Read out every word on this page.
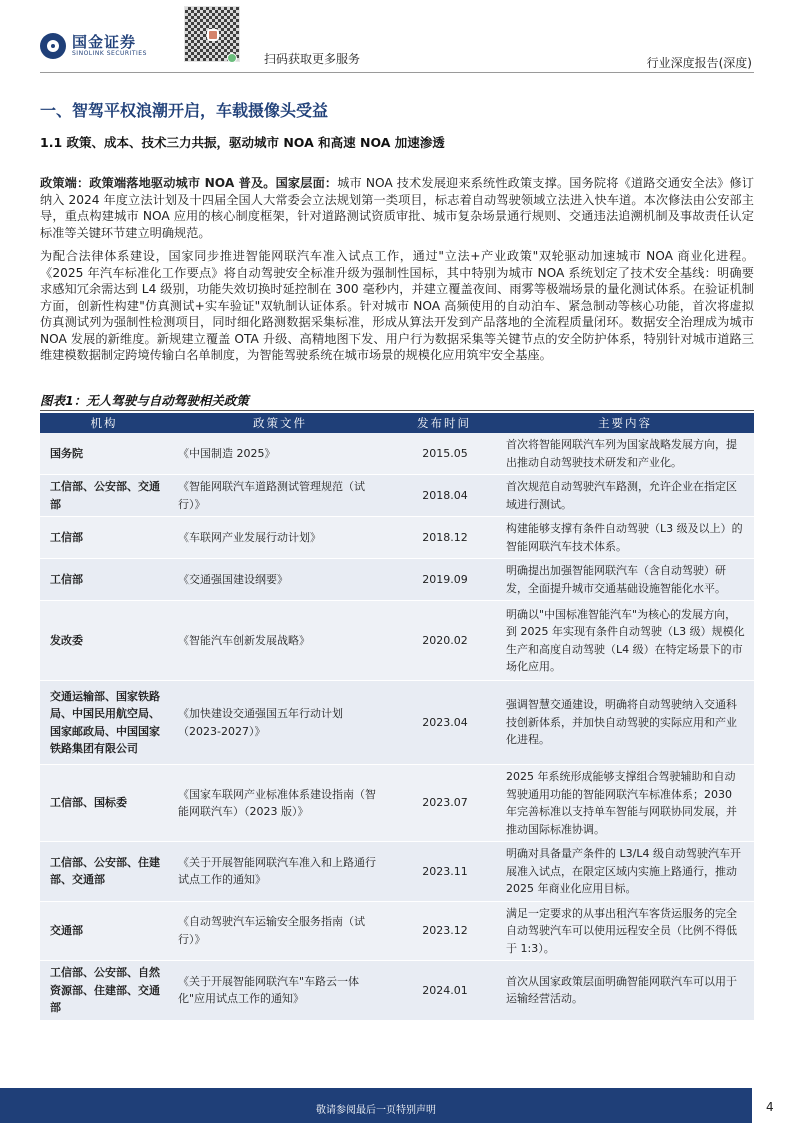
国金证券
SINOLINK SECURITIES	扫码获取更多服务	行业深度报告(深度)
一、智驾平权浪潮开启，车载摄像头受益
1.1 政策、成本、技术三力共振，驱动城市 NOA 和高速 NOA 加速渗透
政策端：政策端落地驱动城市 NOA 普及。国家层面：城市 NOA 技术发展迎来系统性政策支撑。国务院将《道路交通安全法》修订纳入 2024 年度立法计划及十四届全国人大常委会立法规划第一类项目，标志着自动驾驶领域立法进入快车道。本次修法由公安部主导，重点构建城市 NOA 应用的核心制度框架，针对道路测试资质审批、城市复杂场景通行规则、交通违法追溯机制及事故责任认定标准等关键环节建立明确规范。
为配合法律体系建设，国家同步推进智能网联汽车准入试点工作，通过"立法+产业政策"双轮驱动加速城市 NOA 商业化进程。《2025 年汽车标准化工作要点》将自动驾驶安全标准升级为强制性国标，其中特别为城市 NOA 系统划定了技术安全基线：明确要求感知冗余需达到 L4 级别，功能失效切换时延控制在 300 毫秒内，并建立覆盖夜间、雨雾等极端场景的量化测试体系。在验证机制方面，创新性构建"仿真测试+实车验证"双轨制认证体系。针对城市 NOA 高频使用的自动泊车、紧急制动等核心功能，首次将虚拟仿真测试列为强制性检测项目，同时细化路测数据采集标准，形成从算法开发到产品落地的全流程质量闭环。数据安全治理成为城市 NOA 发展的新维度。新规建立覆盖 OTA 升级、高精地图下发、用户行为数据采集等关键节点的安全防护体系，特别针对城市道路三维建模数据制定跨境传输白名单制度，为智能驾驶系统在城市场景的规模化应用筑牢安全基座。
图表1：无人驾驶与自动驾驶相关政策
机构	政策文件	发布时间	主要内容
国务院	《中国制造 2025》	2015.05	首次将智能网联汽车列为国家战略发展方向，提出推动自动驾驶技术研发和产业化。
工信部、公安部、交通部	《智能网联汽车道路测试管理规范（试行）》	2018.04	首次规范自动驾驶汽车路测，允许企业在指定区域进行测试。
工信部	《车联网产业发展行动计划》	2018.12	构建能够支撑有条件自动驾驶（L3 级及以上）的智能网联汽车技术体系。
工信部	《交通强国建设纲要》	2019.09	明确提出加强智能网联汽车（含自动驾驶）研发，全面提升城市交通基础设施智能化水平。
发改委	《智能汽车创新发展战略》	2020.02	明确以"中国标准智能汽车"为核心的发展方向，到 2025 年实现有条件自动驾驶（L3 级）规模化生产和高度自动驾驶（L4 级）在特定场景下的市场化应用。
交通运输部、国家铁路局、中国民用航空局、国家邮政局、中国国家铁路集团有限公司	《加快建设交通强国五年行动计划（2023-2027）》	2023.04	强调智慧交通建设，明确将自动驾驶纳入交通科技创新体系，并加快自动驾驶的实际应用和产业化进程。
工信部、国标委	《国家车联网产业标准体系建设指南（智能网联汽车）（2023 版）》	2023.07	2025 年系统形成能够支撑组合驾驶辅助和自动驾驶通用功能的智能网联汽车标准体系；2030 年完善标准以支持单车智能与网联协同发展，并推动国际标准协调。
工信部、公安部、住建部、交通部	《关于开展智能网联汽车准入和上路通行试点工作的通知》	2023.11	明确对具备量产条件的 L3/L4 级自动驾驶汽车开展准入试点，在限定区域内实施上路通行，推动 2025 年商业化应用目标。
交通部	《自动驾驶汽车运输安全服务指南（试行）》	2023.12	满足一定要求的从事出租汽车客货运服务的完全自动驾驶汽车可以使用远程安全员（比例不得低于 1:3）。
工信部、公安部、自然资源部、住建部、交通部	《关于开展智能网联汽车"车路云一体化"应用试点工作的通知》	2024.01	首次从国家政策层面明确智能网联汽车可以用于运输经营活动。
敬请参阅最后一页特别声明	4
